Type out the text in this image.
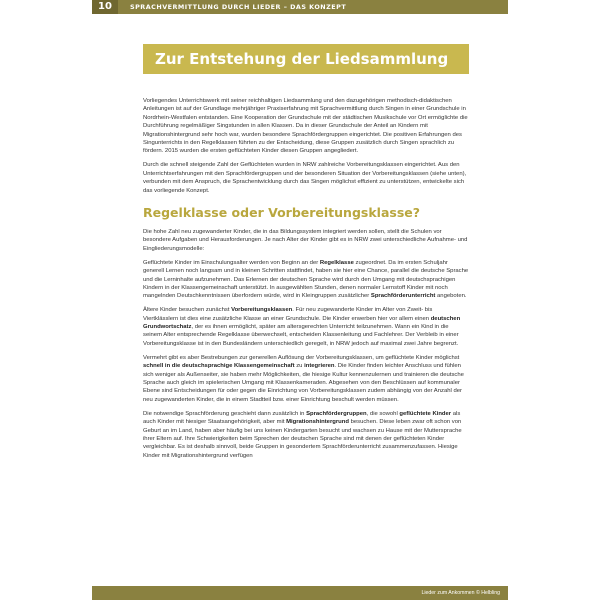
10	SPRACHVERMITTLUNG DURCH LIEDER – DAS KONZEPT
Zur Entstehung der Liedsammlung

Vorliegendes Unterrichtswerk mit seiner reichhaltigen Liedsammlung und den dazugehörigen methodisch-didaktischen Anleitungen ist auf der Grundlage mehrjähriger Praxiserfahrung mit Sprachvermittlung durch Singen in einer Grundschule in Nordrhein-Westfalen entstanden. Eine Kooperation der Grundschule mit der städtischen Musikschule vor Ort ermöglichte die Durchführung regelmäßiger Singstunden in allen Klassen. Da in dieser Grundschule der Anteil an Kindern mit Migrationshintergrund sehr hoch war, wurden besondere Sprachfördergruppen eingerichtet. Die positiven Erfahrungen des Singunterrichts in den Regelklassen führten zu der Entscheidung, diese Gruppen zusätzlich durch Singen sprachlich zu fördern. 2015 wurden die ersten geflüchteten Kinder diesen Gruppen angegliedert.

Durch die schnell steigende Zahl der Geflüchteten wurden in NRW zahlreiche Vorbereitungsklassen eingerichtet. Aus den Unterrichtserfahrungen mit den Sprachfördergruppen und der besonderen Situation der Vorbereitungsklassen (siehe unten), verbunden mit dem Anspruch, die Sprachentwicklung durch das Singen möglichst effizient zu unterstützen, entwickelte sich das vorliegende Konzept.

Regelklasse oder Vorbereitungsklasse?

Die hohe Zahl neu zugewanderter Kinder, die in das Bildungssystem integriert werden sollen, stellt die Schulen vor besondere Aufgaben und Herausforderungen. Je nach Alter der Kinder gibt es in NRW zwei unterschiedliche Aufnahme- und Eingliederungsmodelle:

Geflüchtete Kinder im Einschulungsalter werden von Beginn an der Regelklasse zugeordnet. Da im ersten Schuljahr generell Lernen noch langsam und in kleinen Schritten stattfindet, haben sie hier eine Chance, parallel die deutsche Sprache und die Lerninhalte aufzunehmen. Das Erlernen der deutschen Sprache wird durch den Umgang mit deutschsprachigen Kindern in der Klassengemeinschaft unterstützt. In ausgewählten Stunden, denen normaler Lernstoff Kinder mit noch mangelnden Deutschkenntnissen überfordern würde, wird in Kleingruppen zusätzlicher Sprachförderunterricht angeboten.

Ältere Kinder besuchen zunächst Vorbereitungsklassen. Für neu zugewanderte Kinder im Alter von Zweit- bis Viertklässlern ist dies eine zusätzliche Klasse an einer Grundschule. Die Kinder erwerben hier vor allem einen deutschen Grundwortschatz, der es ihnen ermöglicht, später am altersgerechten Unterricht teilzunehmen. Wann ein Kind in die seinem Alter entsprechende Regelklasse überwechselt, entscheiden Klassenleitung und Fachlehrer. Der Verbleib in einer Vorbereitungsklasse ist in den Bundesländern unterschiedlich geregelt, in NRW jedoch auf maximal zwei Jahre begrenzt.

Vermehrt gibt es aber Bestrebungen zur generellen Auflösung der Vorbereitungsklassen, um geflüchtete Kinder möglichst schnell in die deutschsprachige Klassengemeinschaft zu integrieren. Die Kinder finden leichter Anschluss und fühlen sich weniger als Außenseiter, sie haben mehr Möglichkeiten, die hiesige Kultur kennenzulernen und trainieren die deutsche Sprache auch gleich im spielerischen Umgang mit Klassenkameraden. Abgesehen von den Beschlüssen auf kommunaler Ebene sind Entscheidungen für oder gegen die Einrichtung von Vorbereitungsklassen zudem abhängig von der Anzahl der neu zugewanderten Kinder, die in einem Stadtteil bzw. einer Einrichtung beschult werden müssen.

Die notwendige Sprachförderung geschieht dann zusätzlich in Sprachfördergruppen, die sowohl geflüchtete Kinder als auch Kinder mit hiesiger Staatsangehörigkeit, aber mit Migrationshintergrund besuchen. Diese leben zwar oft schon von Geburt an im Land, haben aber häufig bei uns keinen Kindergarten besucht und wachsen zu Hause mit der Muttersprache ihrer Eltern auf. Ihre Schwierigkeiten beim Sprechen der deutschen Sprache sind mit denen der geflüchteten Kinder vergleichbar. Es ist deshalb sinnvoll, beide Gruppen in gesondertem Sprachförderunterricht zusammenzufassen. Hiesige Kinder mit Migrationshintergrund verfügen

Lieder zum Ankommen © Helbling
